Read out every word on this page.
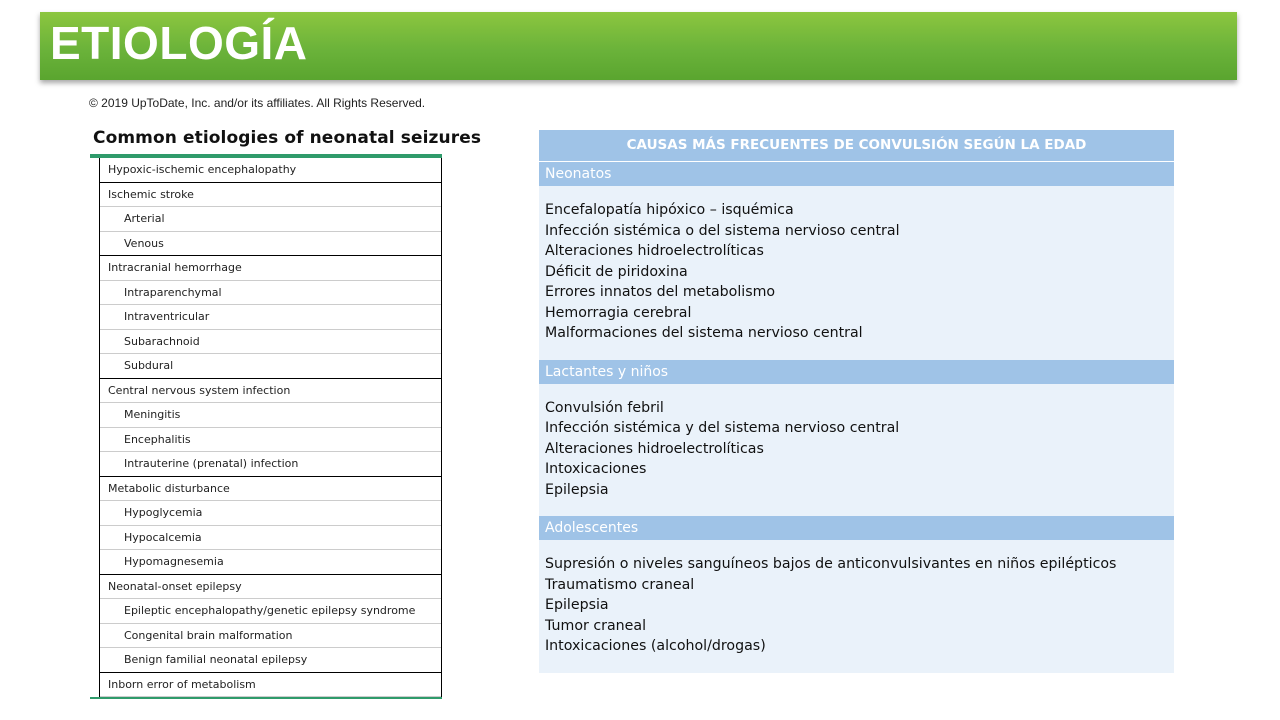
ETIOLOGÍA
© 2019 UpToDate, Inc. and/or its affiliates. All Rights Reserved.
Common etiologies of neonatal seizures
Hypoxic-ischemic encephalopathy
Ischemic stroke
Arterial
Venous
Intracranial hemorrhage
Intraparenchymal
Intraventricular
Subarachnoid
Subdural
Central nervous system infection
Meningitis
Encephalitis
Intrauterine (prenatal) infection
Metabolic disturbance
Hypoglycemia
Hypocalcemia
Hypomagnesemia
Neonatal-onset epilepsy
Epileptic encephalopathy/genetic epilepsy syndrome
Congenital brain malformation
Benign familial neonatal epilepsy
Inborn error of metabolism
CAUSAS MÁS FRECUENTES DE CONVULSIÓN SEGÚN LA EDAD
Neonatos
Encefalopatía hipóxico – isquémica
Infección sistémica o del sistema nervioso central
Alteraciones hidroelectrolíticas
Déficit de piridoxina
Errores innatos del metabolismo
Hemorragia cerebral
Malformaciones del sistema nervioso central
Lactantes y niños
Convulsión febril
Infección sistémica y del sistema nervioso central
Alteraciones hidroelectrolíticas
Intoxicaciones
Epilepsia
Adolescentes
Supresión o niveles sanguíneos bajos de anticonvulsivantes en niños epilépticos
Traumatismo craneal
Epilepsia
Tumor craneal
Intoxicaciones (alcohol/drogas)
